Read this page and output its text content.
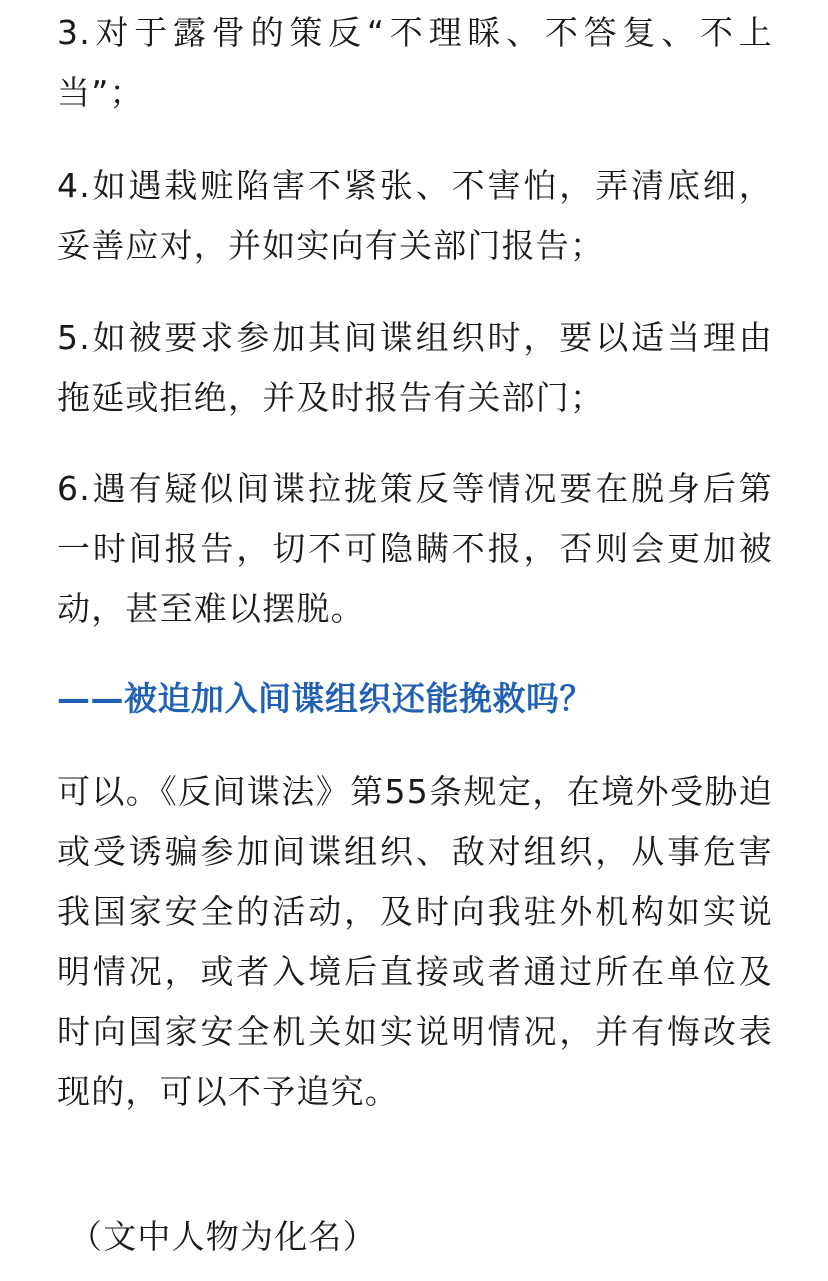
3.对于露骨的策反“不理睬、不答复、不上当”；

4.如遇栽赃陷害不紧张、不害怕，弄清底细，妥善应对，并如实向有关部门报告；

5.如被要求参加其间谍组织时，要以适当理由拖延或拒绝，并及时报告有关部门；

6.遇有疑似间谍拉拢策反等情况要在脱身后第一时间报告，切不可隐瞒不报，否则会更加被动，甚至难以摆脱。

——被迫加入间谍组织还能挽救吗？

可以。《反间谍法》第55条规定，在境外受胁迫或受诱骗参加间谍组织、敌对组织，从事危害我国家安全的活动，及时向我驻外机构如实说明情况，或者入境后直接或者通过所在单位及时向国家安全机关如实说明情况，并有悔改表现的，可以不予追究。

（文中人物为化名）
